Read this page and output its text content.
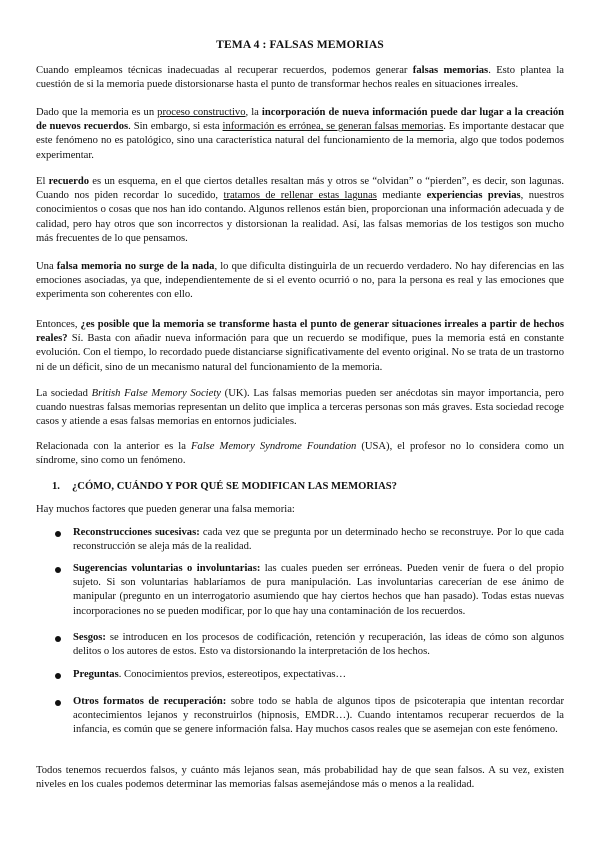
TEMA 4 : FALSAS MEMORIAS

Cuando empleamos técnicas inadecuadas al recuperar recuerdos, podemos generar falsas memorias. Esto plantea la cuestión de si la memoria puede distorsionarse hasta el punto de transformar hechos reales en situaciones irreales.

Dado que la memoria es un proceso constructivo, la incorporación de nueva información puede dar lugar a la creación de nuevos recuerdos. Sin embargo, si esta información es errónea, se generan falsas memorias. Es importante destacar que este fenómeno no es patológico, sino una característica natural del funcionamiento de la memoria, algo que todos podemos experimentar.

El recuerdo es un esquema, en el que ciertos detalles resaltan más y otros se “olvidan” o “pierden”, es decir, son lagunas. Cuando nos piden recordar lo sucedido, tratamos de rellenar estas lagunas mediante experiencias previas, nuestros conocimientos o cosas que nos han ido contando. Algunos rellenos están bien, proporcionan una información adecuada y de calidad, pero hay otros que son incorrectos y distorsionan la realidad. Así, las falsas memorias de los testigos son mucho más frecuentes de lo que pensamos.

Una falsa memoria no surge de la nada, lo que dificulta distinguirla de un recuerdo verdadero. No hay diferencias en las emociones asociadas, ya que, independientemente de si el evento ocurrió o no, para la persona es real y las emociones que experimenta son coherentes con ello.

Entonces, ¿es posible que la memoria se transforme hasta el punto de generar situaciones irreales a partir de hechos reales? Sí. Basta con añadir nueva información para que un recuerdo se modifique, pues la memoria está en constante evolución. Con el tiempo, lo recordado puede distanciarse significativamente del evento original. No se trata de un trastorno ni de un déficit, sino de un mecanismo natural del funcionamiento de la memoria.

La sociedad British False Memory Society (UK). Las falsas memorias pueden ser anécdotas sin mayor importancia, pero cuando nuestras falsas memorias representan un delito que implica a terceras personas son más graves. Esta sociedad recoge casos y atiende a esas falsas memorias en entornos judiciales.

Relacionada con la anterior es la False Memory Syndrome Foundation (USA), el profesor no lo considera como un síndrome, sino como un fenómeno.

1. ¿CÓMO, CUÁNDO Y POR QUÉ SE MODIFICAN LAS MEMORIAS?

Hay muchos factores que pueden generar una falsa memoria:

Reconstrucciones sucesivas: cada vez que se pregunta por un determinado hecho se reconstruye. Por lo que cada reconstrucción se aleja más de la realidad.

Sugerencias voluntarias o involuntarias: las cuales pueden ser erróneas. Pueden venir de fuera o del propio sujeto. Si son voluntarias hablaríamos de pura manipulación. Las involuntarias carecerían de ese ánimo de manipular (pregunto en un interrogatorio asumiendo que hay ciertos hechos que han pasado). Todas estas nuevas incorporaciones no se pueden modificar, por lo que hay una contaminación de los recuerdos.

Sesgos: se introducen en los procesos de codificación, retención y recuperación, las ideas de cómo son algunos delitos o los autores de estos. Esto va distorsionando la interpretación de los hechos.

Preguntas. Conocimientos previos, estereotipos, expectativas…

Otros formatos de recuperación: sobre todo se habla de algunos tipos de psicoterapia que intentan recordar acontecimientos lejanos y reconstruirlos (hipnosis, EMDR…). Cuando intentamos recuperar recuerdos de la infancia, es común que se genere información falsa. Hay muchos casos reales que se asemejan con este fenómeno.

Todos tenemos recuerdos falsos, y cuánto más lejanos sean, más probabilidad hay de que sean falsos. A su vez, existen niveles en los cuales podemos determinar las memorias falsas asemejándose más o menos a la realidad.
